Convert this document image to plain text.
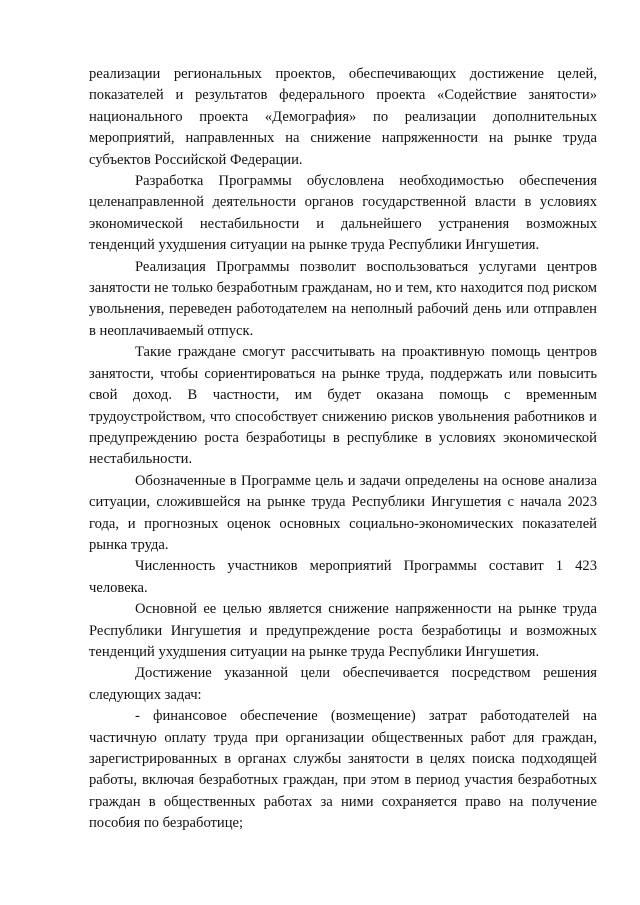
реализации региональных проектов, обеспечивающих достижение целей, показателей и результатов федерального проекта «Содействие занятости» национального проекта «Демография» по реализации дополнительных мероприятий, направленных на снижение напряженности на рынке труда субъектов Российской Федерации.

Разработка Программы обусловлена необходимостью обеспечения целенаправленной деятельности органов государственной власти в условиях экономической нестабильности и дальнейшего устранения возможных тенденций ухудшения ситуации на рынке труда Республики Ингушетия.

Реализация Программы позволит воспользоваться услугами центров занятости не только безработным гражданам, но и тем, кто находится под риском увольнения, переведен работодателем на неполный рабочий день или отправлен в неоплачиваемый отпуск.

Такие граждане смогут рассчитывать на проактивную помощь центров занятости, чтобы сориентироваться на рынке труда, поддержать или повысить свой доход. В частности, им будет оказана помощь с временным трудоустройством, что способствует снижению рисков увольнения работников и предупреждению роста безработицы в республике в условиях экономической нестабильности.

Обозначенные в Программе цель и задачи определены на основе анализа ситуации, сложившейся на рынке труда Республики Ингушетия с начала 2023 года, и прогнозных оценок основных социально-экономических показателей рынка труда.

Численность участников мероприятий Программы составит 1 423 человека.

Основной ее целью является снижение напряженности на рынке труда Республики Ингушетия и предупреждение роста безработицы и возможных тенденций ухудшения ситуации на рынке труда Республики Ингушетия.

Достижение указанной цели обеспечивается посредством решения следующих задач:

- финансовое обеспечение (возмещение) затрат работодателей на частичную оплату труда при организации общественных работ для граждан, зарегистрированных в органах службы занятости в целях поиска подходящей работы, включая безработных граждан, при этом в период участия безработных граждан в общественных работах за ними сохраняется право на получение пособия по безработице;
